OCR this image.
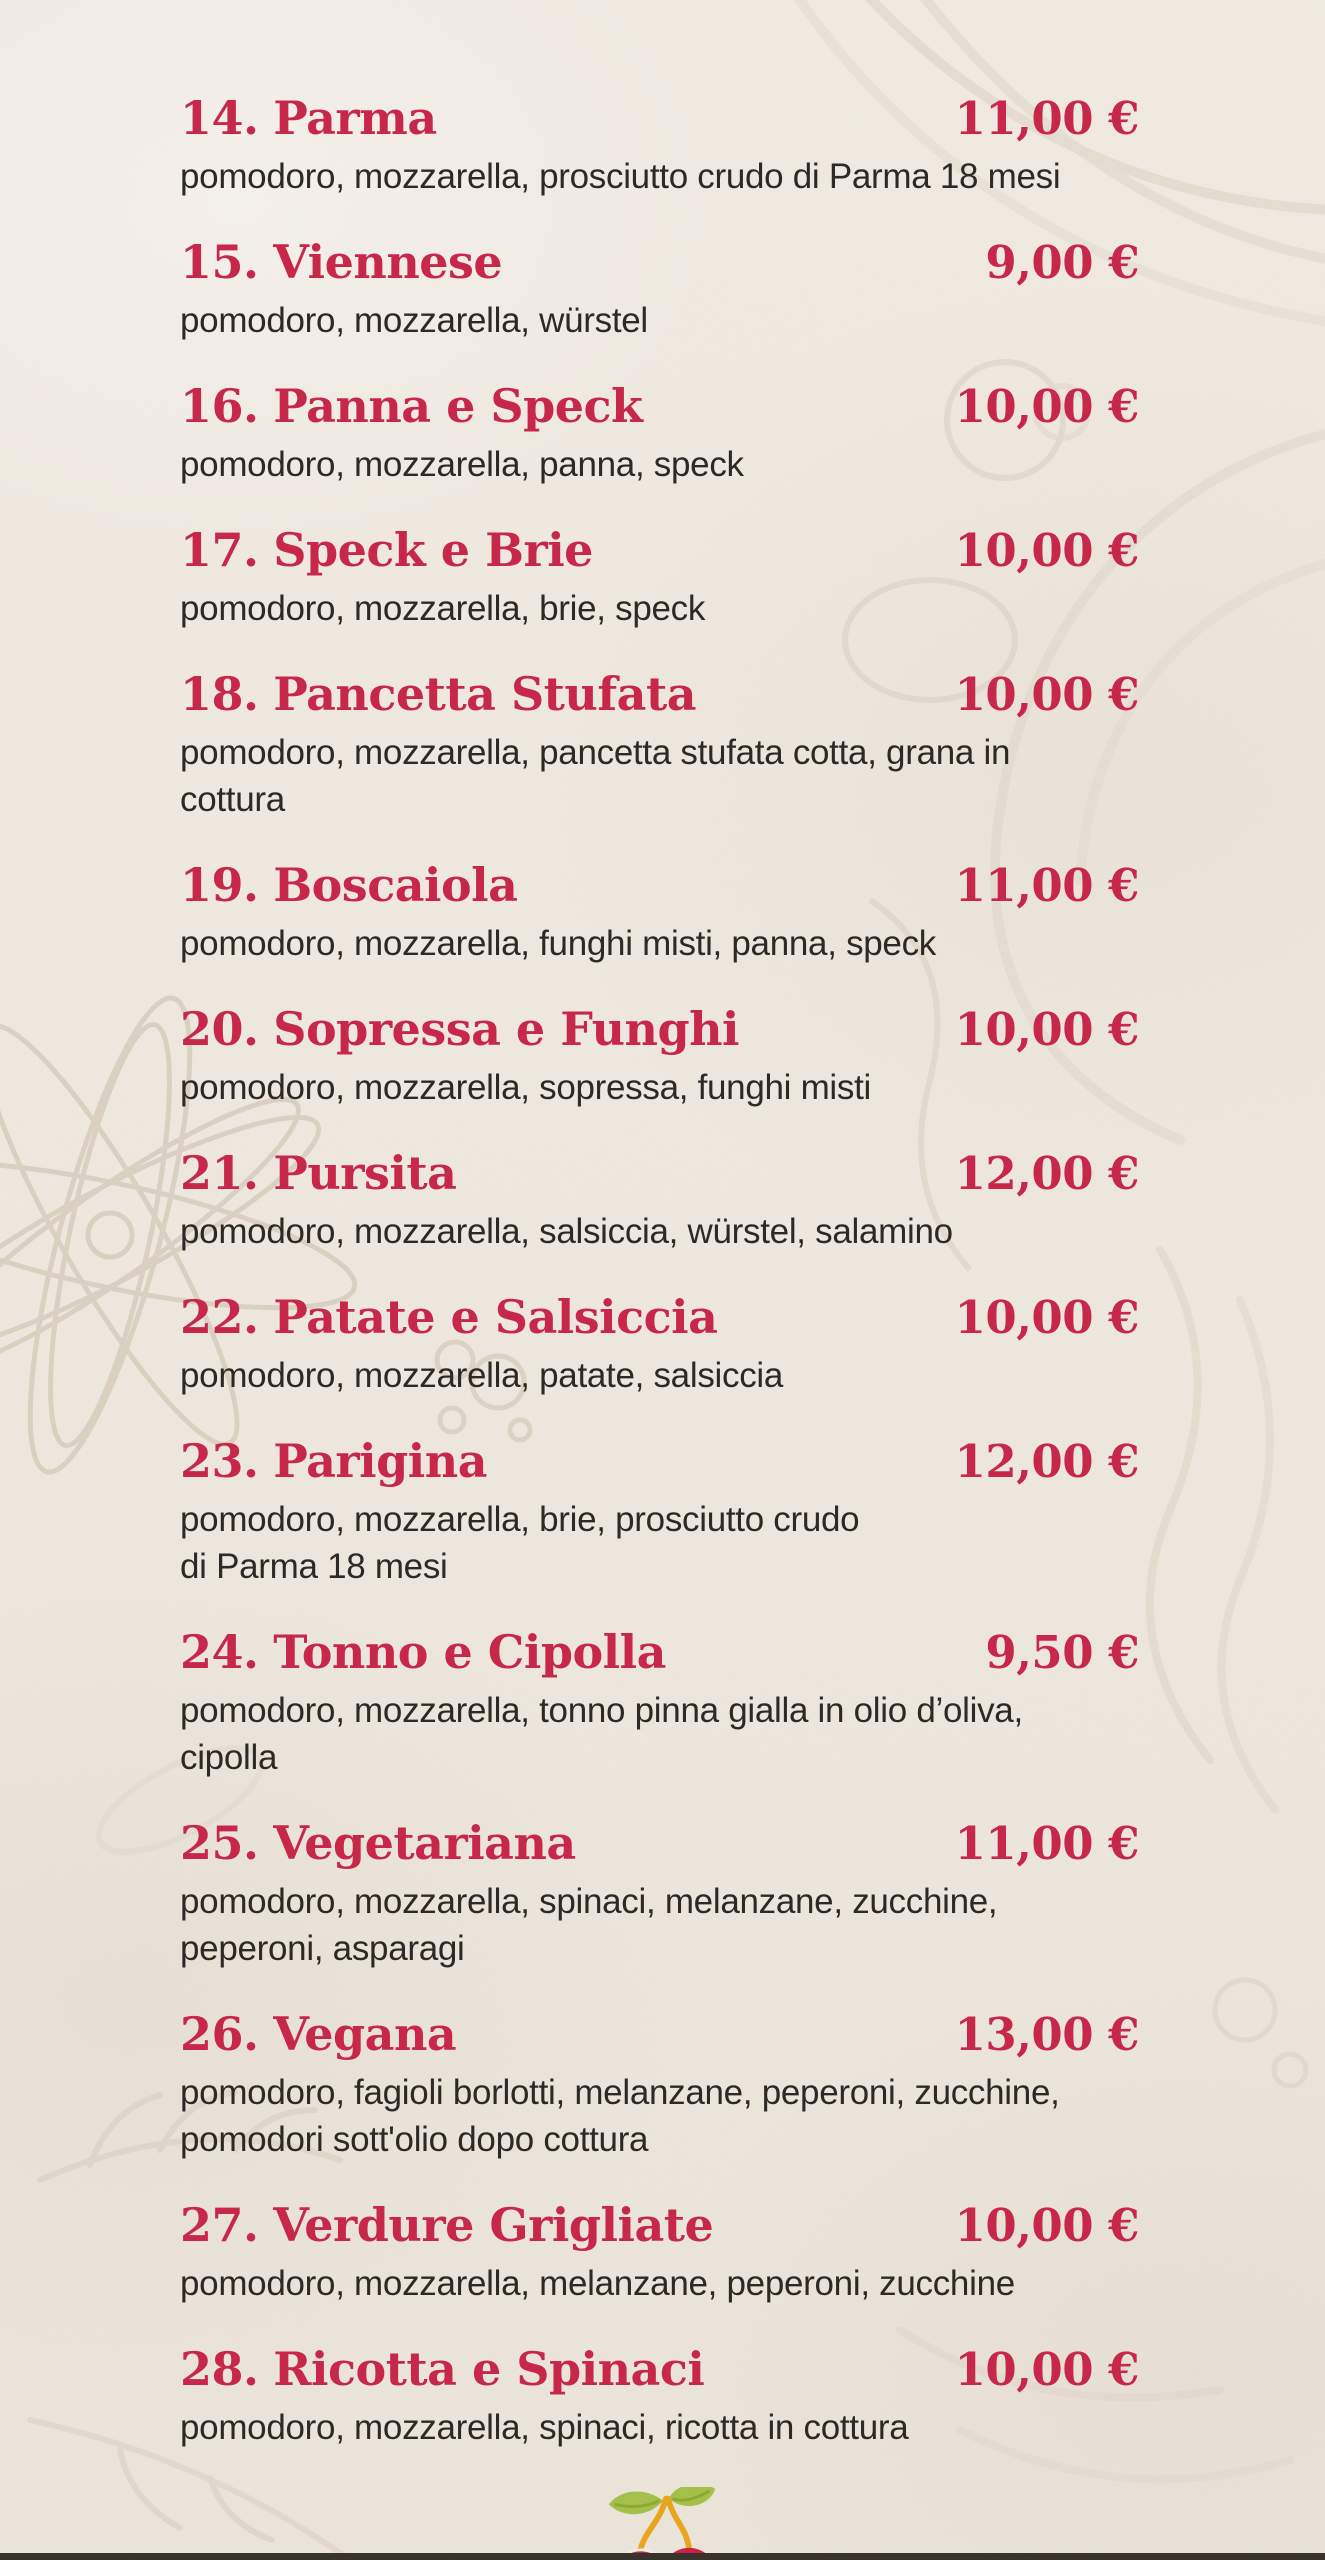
14. Parma	11,00 €

pomodoro, mozzarella, prosciutto crudo di Parma 18 mesi

15. Viennese	9,00 €

pomodoro, mozzarella, würstel

16. Panna e Speck	10,00 €

pomodoro, mozzarella, panna, speck

17. Speck e Brie	10,00 €

pomodoro, mozzarella, brie, speck

18. Pancetta Stufata	10,00 €

pomodoro, mozzarella, pancetta stufata cotta, grana in
cottura

19. Boscaiola	11,00 €

pomodoro, mozzarella, funghi misti, panna, speck

20. Sopressa e Funghi	10,00 €

pomodoro, mozzarella, sopressa, funghi misti

21. Pursita	12,00 €

pomodoro, mozzarella, salsiccia, würstel, salamino

22. Patate e Salsiccia	10,00 €

pomodoro, mozzarella, patate, salsiccia

23. Parigina	12,00 €

pomodoro, mozzarella, brie, prosciutto crudo
di Parma 18 mesi

24. Tonno e Cipolla	9,50 €

pomodoro, mozzarella, tonno pinna gialla in olio d’oliva,
cipolla

25. Vegetariana	11,00 €

pomodoro, mozzarella, spinaci, melanzane, zucchine,
peperoni, asparagi

26. Vegana	13,00 €

pomodoro, fagioli borlotti, melanzane, peperoni, zucchine,
pomodori sott'olio dopo cottura

27. Verdure Grigliate	10,00 €

pomodoro, mozzarella, melanzane, peperoni, zucchine

28. Ricotta e Spinaci	10,00 €

pomodoro, mozzarella, spinaci, ricotta in cottura
